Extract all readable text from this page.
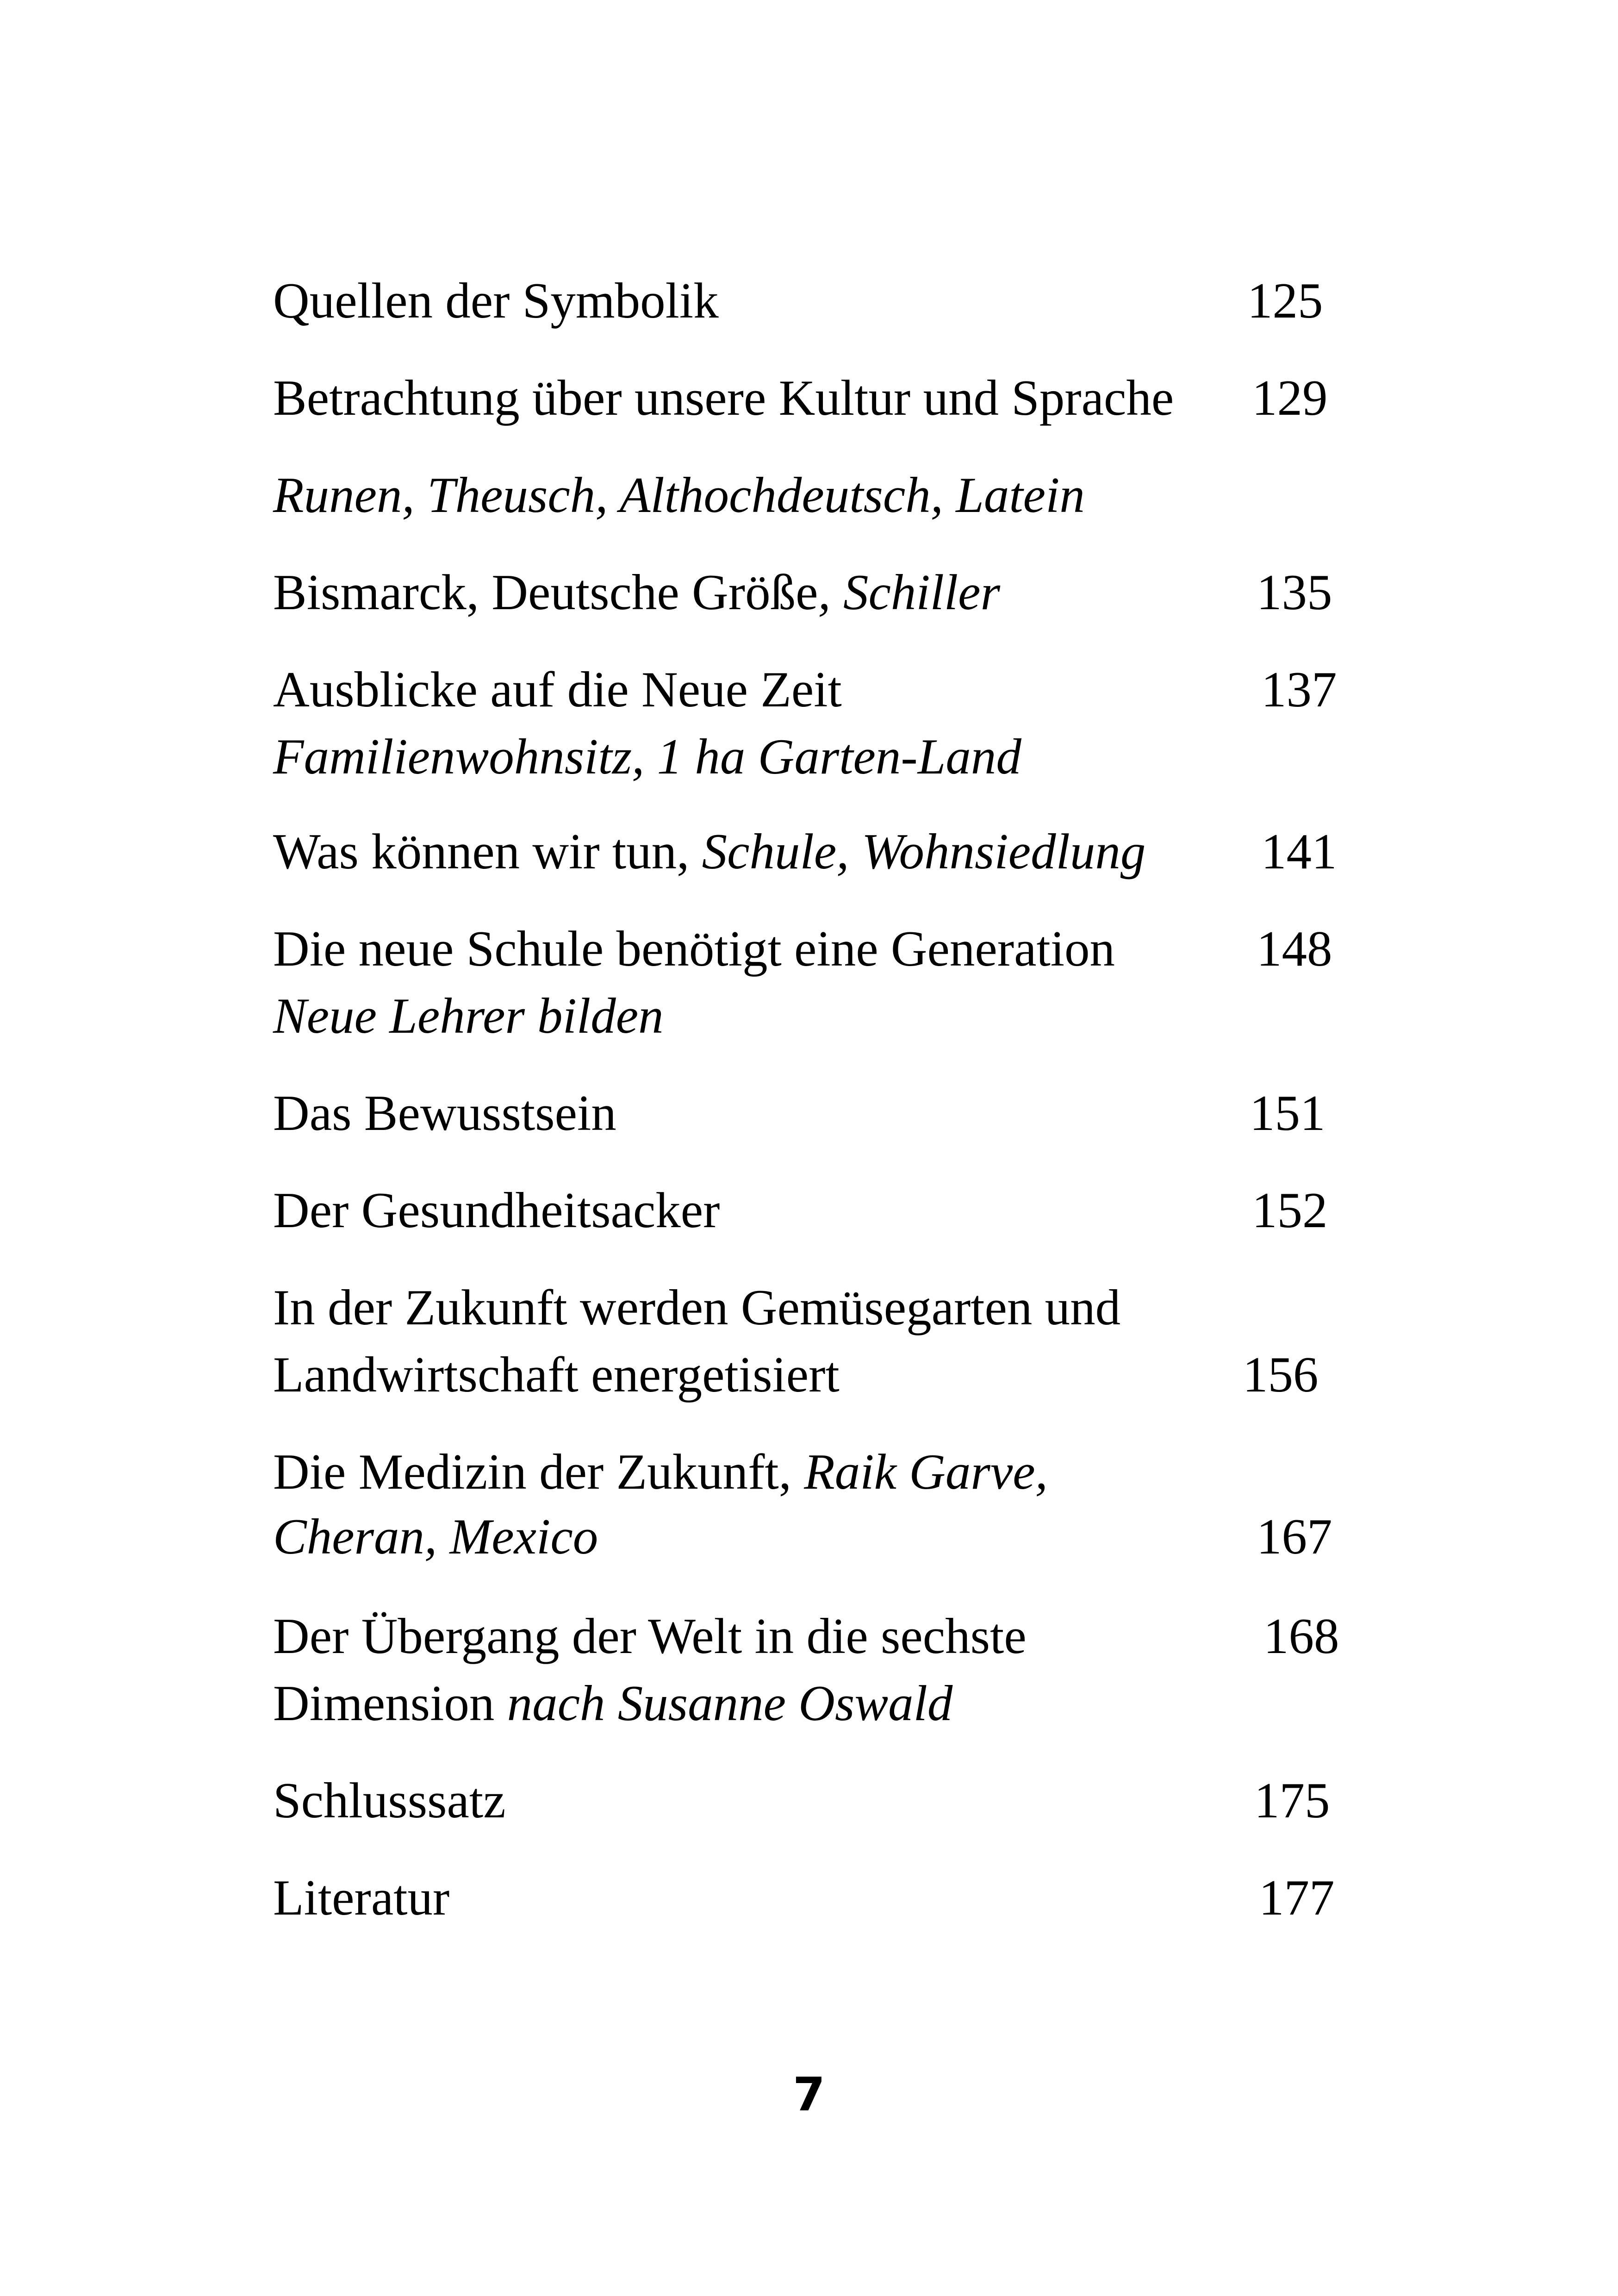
Quellen der Symbolik	125
Betrachtung über unsere Kultur und Sprache 129
Runen, Theusch, Althochdeutsch, Latein
Bismarck, Deutsche Größe, Schiller	135
Ausblicke auf die Neue Zeit	137
Familienwohnsitz, 1 ha Garten-Land
Was können wir tun, Schule, Wohnsiedlung 141
Die neue Schule benötigt eine Generation	148
Neue Lehrer bilden
Das Bewusstsein	151
Der Gesundheitsacker	152
In der Zukunft werden Gemüsegarten und
Landwirtschaft energetisiert	156
Die Medizin der Zukunft, Raik Garve,
Cheran, Mexico	167
Der Übergang der Welt in die sechste	168
Dimension nach Susanne Oswald
Schlusssatz	175
Literatur	177
7
